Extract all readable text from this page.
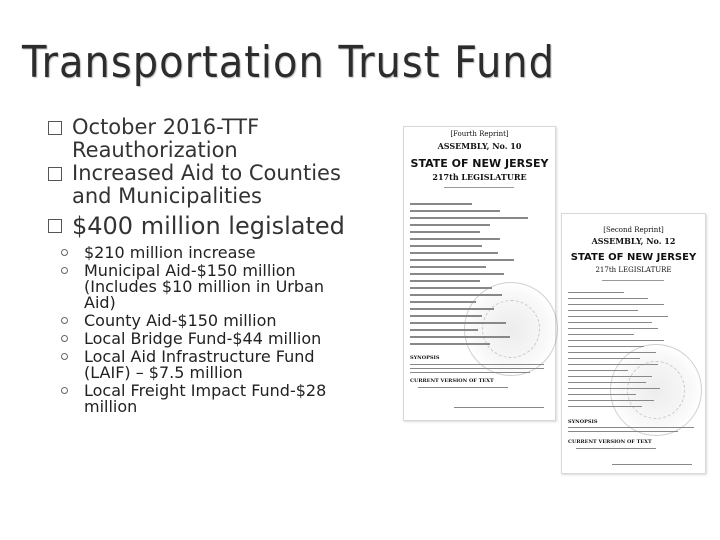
Transportation Trust Fund

October 2016-TTF Reauthorization

Increased Aid to Counties and Municipalities

$400 million legislated

$210 million increase
Municipal Aid-$150 million (Includes $10 million in Urban Aid)
County Aid-$150 million
Local Bridge Fund-$44 million
Local Aid Infrastructure Fund (LAIF) – $7.5 million
Local Freight Impact Fund-$28 million
[Fourth Reprint]
ASSEMBLY, No. 10
STATE OF NEW JERSEY
217th LEGISLATURE
SYNOPSIS
CURRENT VERSION OF TEXT
[Second Reprint]
ASSEMBLY, No. 12
STATE OF NEW JERSEY
217th LEGISLATURE
SYNOPSIS
CURRENT VERSION OF TEXT
